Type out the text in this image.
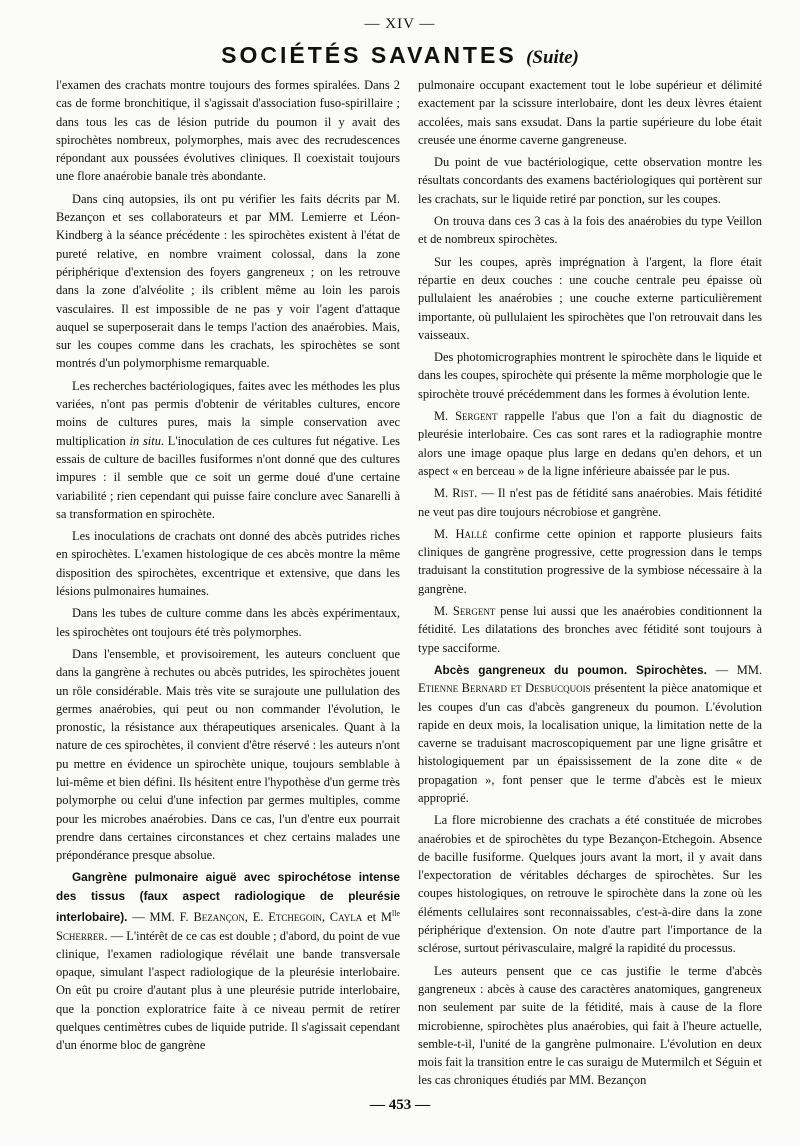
— XIV —
SOCIÉTÉS SAVANTES (Suite)

l'examen des crachats montre toujours des formes spiralées. Dans 2 cas de forme bronchitique, il s'agissait d'association fuso-spirillaire ; dans tous les cas de lésion putride du poumon il y avait des spirochètes nombreux, polymorphes, mais avec des recrudescences répondant aux poussées évolutives cliniques. Il coexistait toujours une flore anaérobie banale très abondante.

Dans cinq autopsies, ils ont pu vérifier les faits décrits par M. Bezançon et ses collaborateurs et par MM. Lemierre et Léon-Kindberg à la séance précédente : les spirochètes existent à l'état de pureté relative, en nombre vraiment colossal, dans la zone périphérique d'extension des foyers gangreneux ; on les retrouve dans la zone d'alvéolite ; ils criblent même au loin les parois vasculaires. Il est impossible de ne pas y voir l'agent d'attaque auquel se superposerait dans le temps l'action des anaérobies. Mais, sur les coupes comme dans les crachats, les spirochètes se sont montrés d'un polymorphisme remarquable.

Les recherches bactériologiques, faites avec les méthodes les plus variées, n'ont pas permis d'obtenir de véritables cultures, encore moins de cultures pures, mais la simple conservation avec multiplication in situ. L'inoculation de ces cultures fut négative. Les essais de culture de bacilles fusiformes n'ont donné que des cultures impures : il semble que ce soit un germe doué d'une certaine variabilité ; rien cependant qui puisse faire conclure avec Sanarelli à sa transformation en spirochète.

Les inoculations de crachats ont donné des abcès putrides riches en spirochètes. L'examen histologique de ces abcès montre la même disposition des spirochètes, excentrique et extensive, que dans les lésions pulmonaires humaines.

Dans les tubes de culture comme dans les abcès expérimentaux, les spirochètes ont toujours été très polymorphes.

Dans l'ensemble, et provisoirement, les auteurs concluent que dans la gangrène à rechutes ou abcès putrides, les spirochètes jouent un rôle considérable. Mais très vite se surajoute une pullulation des germes anaérobies, qui peut ou non commander l'évolution, le pronostic, la résistance aux thérapeutiques arsenicales. Quant à la nature de ces spirochètes, il convient d'être réservé : les auteurs n'ont pu mettre en évidence un spirochète unique, toujours semblable à lui-même et bien défini. Ils hésitent entre l'hypothèse d'un germe très polymorphe ou celui d'une infection par germes multiples, comme pour les microbes anaérobies. Dans ce cas, l'un d'entre eux pourrait prendre dans certaines circonstances et chez certains malades une prépondérance presque absolue.

Gangrène pulmonaire aiguë avec spirochétose intense des tissus (faux aspect radiologique de pleurésie interlobaire). — MM. F. Bezançon, E. Etchegoin, Cayla et $M^{lle}$ Scherrer. — L'intérêt de ce cas est double ; d'abord, du point de vue clinique, l'examen radiologique révélait une bande transversale opaque, simulant l'aspect radiologique de la pleurésie interlobaire. On eût pu croire d'autant plus à une pleurésie putride interlobaire, que la ponction exploratrice faite à ce niveau permit de retirer quelques centimètres cubes de liquide putride. Il s'agissait cependant d'un énorme bloc de gangrène

pulmonaire occupant exactement tout le lobe supérieur et délimité exactement par la scissure interlobaire, dont les deux lèvres étaient accolées, mais sans exsudat. Dans la partie supérieure du lobe était creusée une énorme caverne gangreneuse.

Du point de vue bactériologique, cette observation montre les résultats concordants des examens bactériologiques qui portèrent sur les crachats, sur le liquide retiré par ponction, sur les coupes.

On trouva dans ces 3 cas à la fois des anaérobies du type Veillon et de nombreux spirochètes.

Sur les coupes, après imprégnation à l'argent, la flore était répartie en deux couches : une couche centrale peu épaisse où pullulaient les anaérobies ; une couche externe particulièrement importante, où pullulaient les spirochètes que l'on retrouvait dans les vaisseaux.

Des photomicrographies montrent le spirochète dans le liquide et dans les coupes, spirochète qui présente la même morphologie que le spirochète trouvé précédemment dans les formes à évolution lente.

M. Sergent rappelle l'abus que l'on a fait du diagnostic de pleurésie interlobaire. Ces cas sont rares et la radiographie montre alors une image opaque plus large en dedans qu'en dehors, et un aspect « en berceau » de la ligne inférieure abaissée par le pus.

M. Rist. — Il n'est pas de fétidité sans anaérobies. Mais fétidité ne veut pas dire toujours nécrobiose et gangrène.

M. Hallé confirme cette opinion et rapporte plusieurs faits cliniques de gangrène progressive, cette progression dans le temps traduisant la constitution progressive de la symbiose nécessaire à la gangrène.

M. Sergent pense lui aussi que les anaérobies conditionnent la fétidité. Les dilatations des bronches avec fétidité sont toujours à type sacciforme.

Abcès gangreneux du poumon. Spirochètes. — MM. Etienne Bernard et Desbucquois présentent la pièce anatomique et les coupes d'un cas d'abcès gangreneux du poumon. L'évolution rapide en deux mois, la localisation unique, la limitation nette de la caverne se traduisant macroscopiquement par une ligne grisâtre et histologiquement par un épaississement de la zone dite « de propagation », font penser que le terme d'abcès est le mieux approprié.

La flore microbienne des crachats a été constituée de microbes anaérobies et de spirochètes du type Bezançon-Etchegoin. Absence de bacille fusiforme. Quelques jours avant la mort, il y avait dans l'expectoration de véritables décharges de spirochètes. Sur les coupes histologiques, on retrouve le spirochète dans la zone où les éléments cellulaires sont reconnaissables, c'est-à-dire dans la zone périphérique d'extension. On note d'autre part l'importance de la sclérose, surtout périvasculaire, malgré la rapidité du processus.

Les auteurs pensent que ce cas justifie le terme d'abcès gangreneux : abcès à cause des caractères anatomiques, gangreneux non seulement par suite de la fétidité, mais à cause de la flore microbienne, spirochètes plus anaérobies, qui fait à l'heure actuelle, semble-t-il, l'unité de la gangrène pulmonaire. L'évolution en deux mois fait la transition entre le cas suraigu de Mutermilch et Séguin et les cas chroniques étudiés par MM. Bezançon

— 453 —
